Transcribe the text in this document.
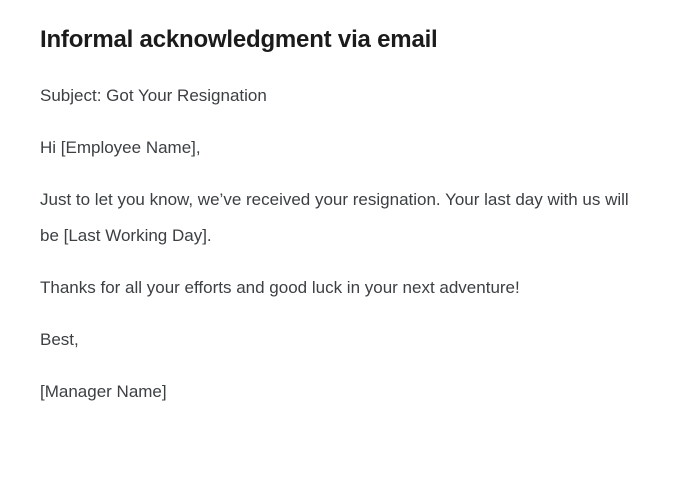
Informal acknowledgment via email

Subject: Got Your Resignation

Hi [Employee Name],

Just to let you know, we’ve received your resignation. Your last day with us will be [Last Working Day].

Thanks for all your efforts and good luck in your next adventure!

Best,

[Manager Name]
